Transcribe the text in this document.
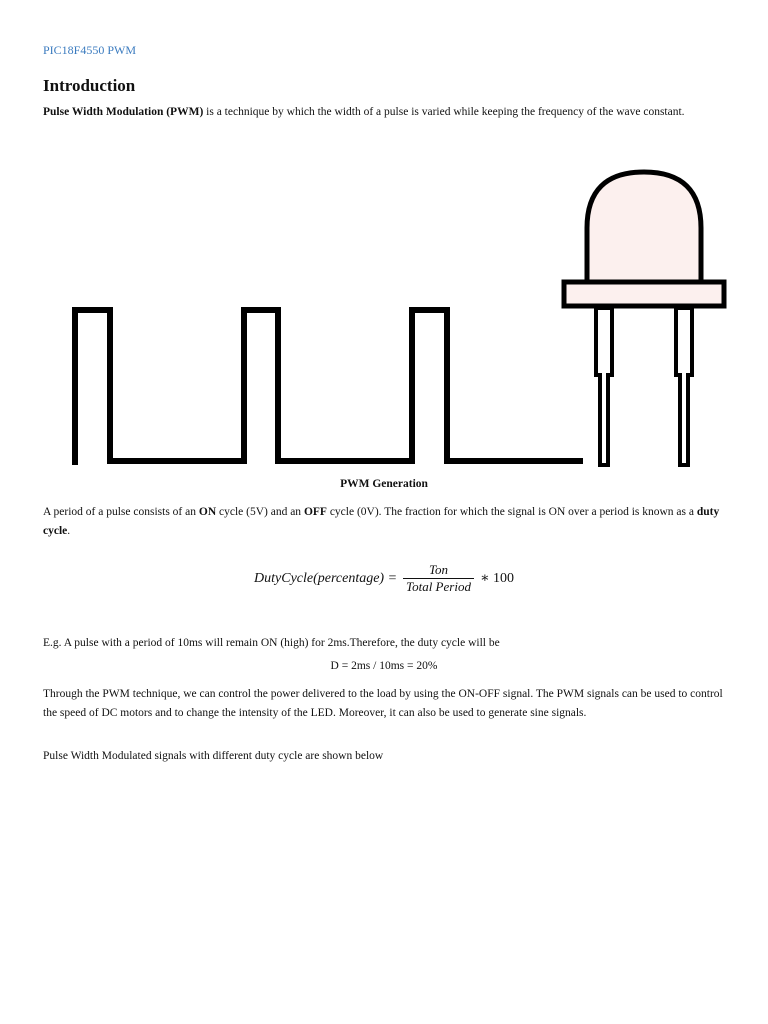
PIC18F4550 PWM
Introduction

Pulse Width Modulation (PWM) is a technique by which the width of a pulse is varied while keeping the frequency of the wave constant.

PWM Generation

A period of a pulse consists of an ON cycle (5V) and an OFF cycle (0V). The fraction for which the signal is ON over a period is known as a duty cycle.

DutyCycle(percentage) =
Ton
Total Period
∗ 100

E.g. A pulse with a period of 10ms will remain ON (high) for 2ms.Therefore, the duty cycle will be

D = 2ms / 10ms = 20%

Through the PWM technique, we can control the power delivered to the load by using the ON-OFF signal. The PWM signals can be used to control the speed of DC motors and to change the intensity of the LED. Moreover, it can also be used to generate sine signals.

Pulse Width Modulated signals with different duty cycle are shown below
